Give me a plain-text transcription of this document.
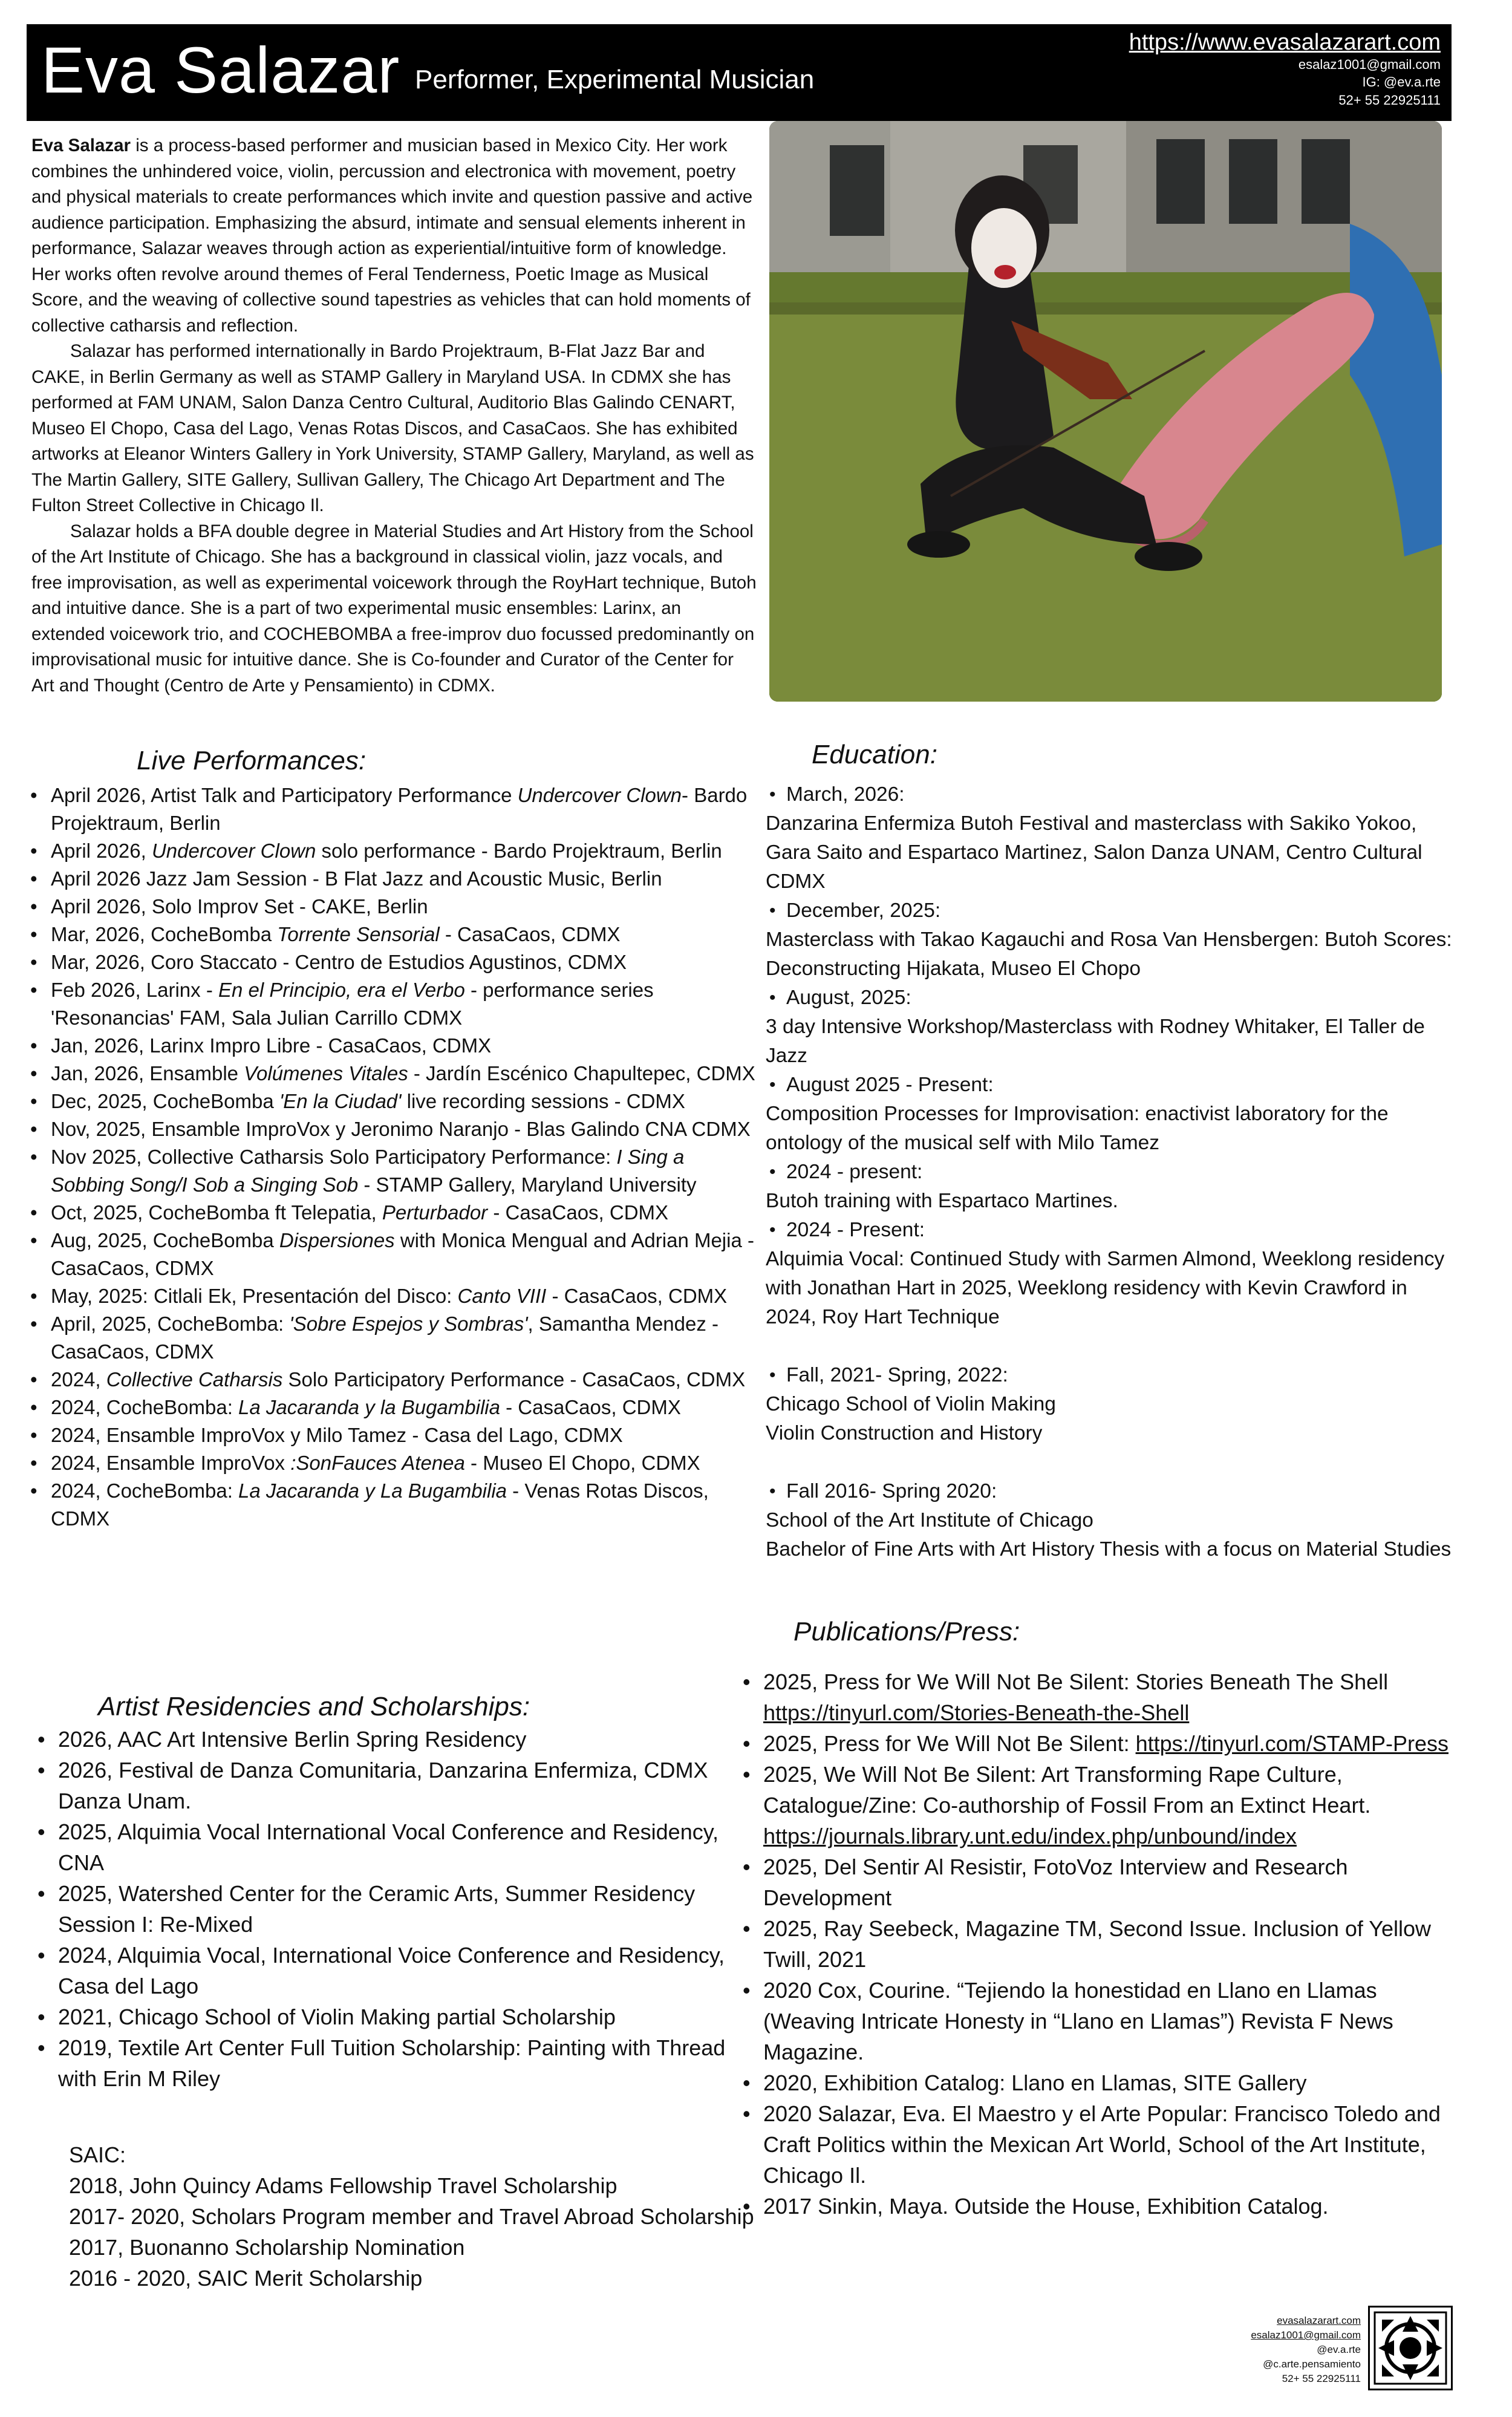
Eva Salazar Performer, Experimental Musician
https://www.evasalazarart.com
esalaz1001@gmail.com
IG: @ev.a.rte
52+ 55 22925111

Eva Salazar is a process-based performer and musician based in Mexico City. Her work combines the unhindered voice, violin, percussion and electronica with movement, poetry and physical materials to create performances which invite and question passive and active audience participation. Emphasizing the absurd, intimate and sensual elements inherent in performance, Salazar weaves through action as experiential/intuitive form of knowledge. Her works often revolve around themes of Feral Tenderness, Poetic Image as Musical Score, and the weaving of collective sound tapestries as vehicles that can hold moments of collective catharsis and reflection.

Salazar has performed internationally in Bardo Projektraum, B-Flat Jazz Bar and CAKE, in Berlin Germany as well as STAMP Gallery in Maryland USA. In CDMX she has performed at FAM UNAM, Salon Danza Centro Cultural, Auditorio Blas Galindo CENART, Museo El Chopo, Casa del Lago, Venas Rotas Discos, and CasaCaos. She has exhibited artworks at Eleanor Winters Gallery in York University, STAMP Gallery, Maryland, as well as The Martin Gallery, SITE Gallery, Sullivan Gallery, The Chicago Art Department and The Fulton Street Collective in Chicago Il.

Salazar holds a BFA double degree in Material Studies and Art History from the School of the Art Institute of Chicago. She has a background in classical violin, jazz vocals, and free improvisation, as well as experimental voicework through the RoyHart technique, Butoh and intuitive dance. She is a part of two experimental music ensembles: Larinx, an extended voicework trio, and COCHEBOMBA a free-improv duo focussed predominantly on improvisational music for intuitive dance. She is Co-founder and Curator of the Center for Art and Thought (Centro de Arte y Pensamiento) in CDMX.

Live Performances:
• April 2026, Artist Talk and Participatory Performance Undercover Clown- Bardo Projektraum, Berlin
• April 2026, Undercover Clown solo performance - Bardo Projektraum, Berlin
• April 2026 Jazz Jam Session - B Flat Jazz and Acoustic Music, Berlin
• April 2026, Solo Improv Set - CAKE, Berlin
• Mar, 2026, CocheBomba Torrente Sensorial - CasaCaos, CDMX
• Mar, 2026, Coro Staccato - Centro de Estudios Agustinos, CDMX
• Feb 2026, Larinx - En el Principio, era el Verbo - performance series 'Resonancias' FAM, Sala Julian Carrillo CDMX
• Jan, 2026, Larinx Impro Libre - CasaCaos, CDMX
• Jan, 2026, Ensamble Volúmenes Vitales - Jardín Escénico Chapultepec, CDMX
• Dec, 2025, CocheBomba 'En la Ciudad' live recording sessions - CDMX
• Nov, 2025, Ensamble ImproVox y Jeronimo Naranjo - Blas Galindo CNA CDMX
• Nov 2025, Collective Catharsis Solo Participatory Performance: I Sing a Sobbing Song/I Sob a Singing Sob - STAMP Gallery, Maryland University
• Oct, 2025, CocheBomba ft Telepatia, Perturbador - CasaCaos, CDMX
• Aug, 2025, CocheBomba Dispersiones with Monica Mengual and Adrian Mejia - CasaCaos, CDMX
• May, 2025: Citlali Ek, Presentación del Disco: Canto VIII - CasaCaos, CDMX
• April, 2025, CocheBomba: 'Sobre Espejos y Sombras', Samantha Mendez - CasaCaos, CDMX
• 2024, Collective Catharsis Solo Participatory Performance - CasaCaos, CDMX
• 2024, CocheBomba: La Jacaranda y la Bugambilia - CasaCaos, CDMX
• 2024, Ensamble ImproVox y Milo Tamez - Casa del Lago, CDMX
• 2024, Ensamble ImproVox :SonFauces Atenea - Museo El Chopo, CDMX
• 2024, CocheBomba: La Jacaranda y La Bugambilia - Venas Rotas Discos, CDMX
Education:
• March, 2026:
Danzarina Enfermiza Butoh Festival and masterclass with Sakiko Yokoo, Gara Saito and Espartaco Martinez, Salon Danza UNAM, Centro Cultural CDMX
• December, 2025:
Masterclass with Takao Kagauchi and Rosa Van Hensbergen: Butoh Scores: Deconstructing Hijakata, Museo El Chopo
• August, 2025:
3 day Intensive Workshop/Masterclass with Rodney Whitaker, El Taller de Jazz
• August 2025 - Present:
Composition Processes for Improvisation: enactivist laboratory for the ontology of the musical self with Milo Tamez
• 2024 - present:
Butoh training with Espartaco Martines.
• 2024 - Present:
Alquimia Vocal: Continued Study with Sarmen Almond, Weeklong residency with Jonathan Hart in 2025, Weeklong residency with Kevin Crawford in 2024, Roy Hart Technique
• Fall, 2021- Spring, 2022:
Chicago School of Violin Making
Violin Construction and History
• Fall 2016- Spring 2020:
School of the Art Institute of Chicago
Bachelor of Fine Arts with Art History Thesis with a focus on Material Studies
Artist Residencies and Scholarships:
• 2026, AAC Art Intensive Berlin Spring Residency
• 2026, Festival de Danza Comunitaria, Danzarina Enfermiza, CDMX Danza Unam.
• 2025, Alquimia Vocal International Vocal Conference and Residency, CNA
• 2025, Watershed Center for the Ceramic Arts, Summer Residency Session I: Re-Mixed
• 2024, Alquimia Vocal, International Voice Conference and Residency, Casa del Lago
• 2021, Chicago School of Violin Making partial Scholarship
• 2019, Textile Art Center Full Tuition Scholarship: Painting with Thread with Erin M Riley
SAIC:
2018, John Quincy Adams Fellowship Travel Scholarship
2017- 2020, Scholars Program member and Travel Abroad Scholarship
2017, Buonanno Scholarship Nomination
2016 - 2020, SAIC Merit Scholarship
Publications/Press:
• 2025, Press for We Will Not Be Silent: Stories Beneath The Shell https://tinyurl.com/Stories-Beneath-the-Shell
• 2025, Press for We Will Not Be Silent: https://tinyurl.com/STAMP-Press
• 2025, We Will Not Be Silent: Art Transforming Rape Culture, Catalogue/Zine: Co-authorship of Fossil From an Extinct Heart. https://journals.library.unt.edu/index.php/unbound/index
• 2025, Del Sentir Al Resistir, FotoVoz Interview and Research Development
• 2025, Ray Seebeck, Magazine TM, Second Issue. Inclusion of Yellow Twill, 2021
• 2020 Cox, Courine. “Tejiendo la honestidad en Llano en Llamas (Weaving Intricate Honesty in “Llano en Llamas”) Revista F News Magazine.
• 2020, Exhibition Catalog: Llano en Llamas, SITE Gallery
• 2020 Salazar, Eva. El Maestro y el Arte Popular: Francisco Toledo and Craft Politics within the Mexican Art World, School of the Art Institute, Chicago Il.
• 2017 Sinkin, Maya. Outside the House, Exhibition Catalog.
evasalazarart.com
esalaz1001@gmail.com
@ev.a.rte
@c.arte.pensamiento
52+ 55 22925111
